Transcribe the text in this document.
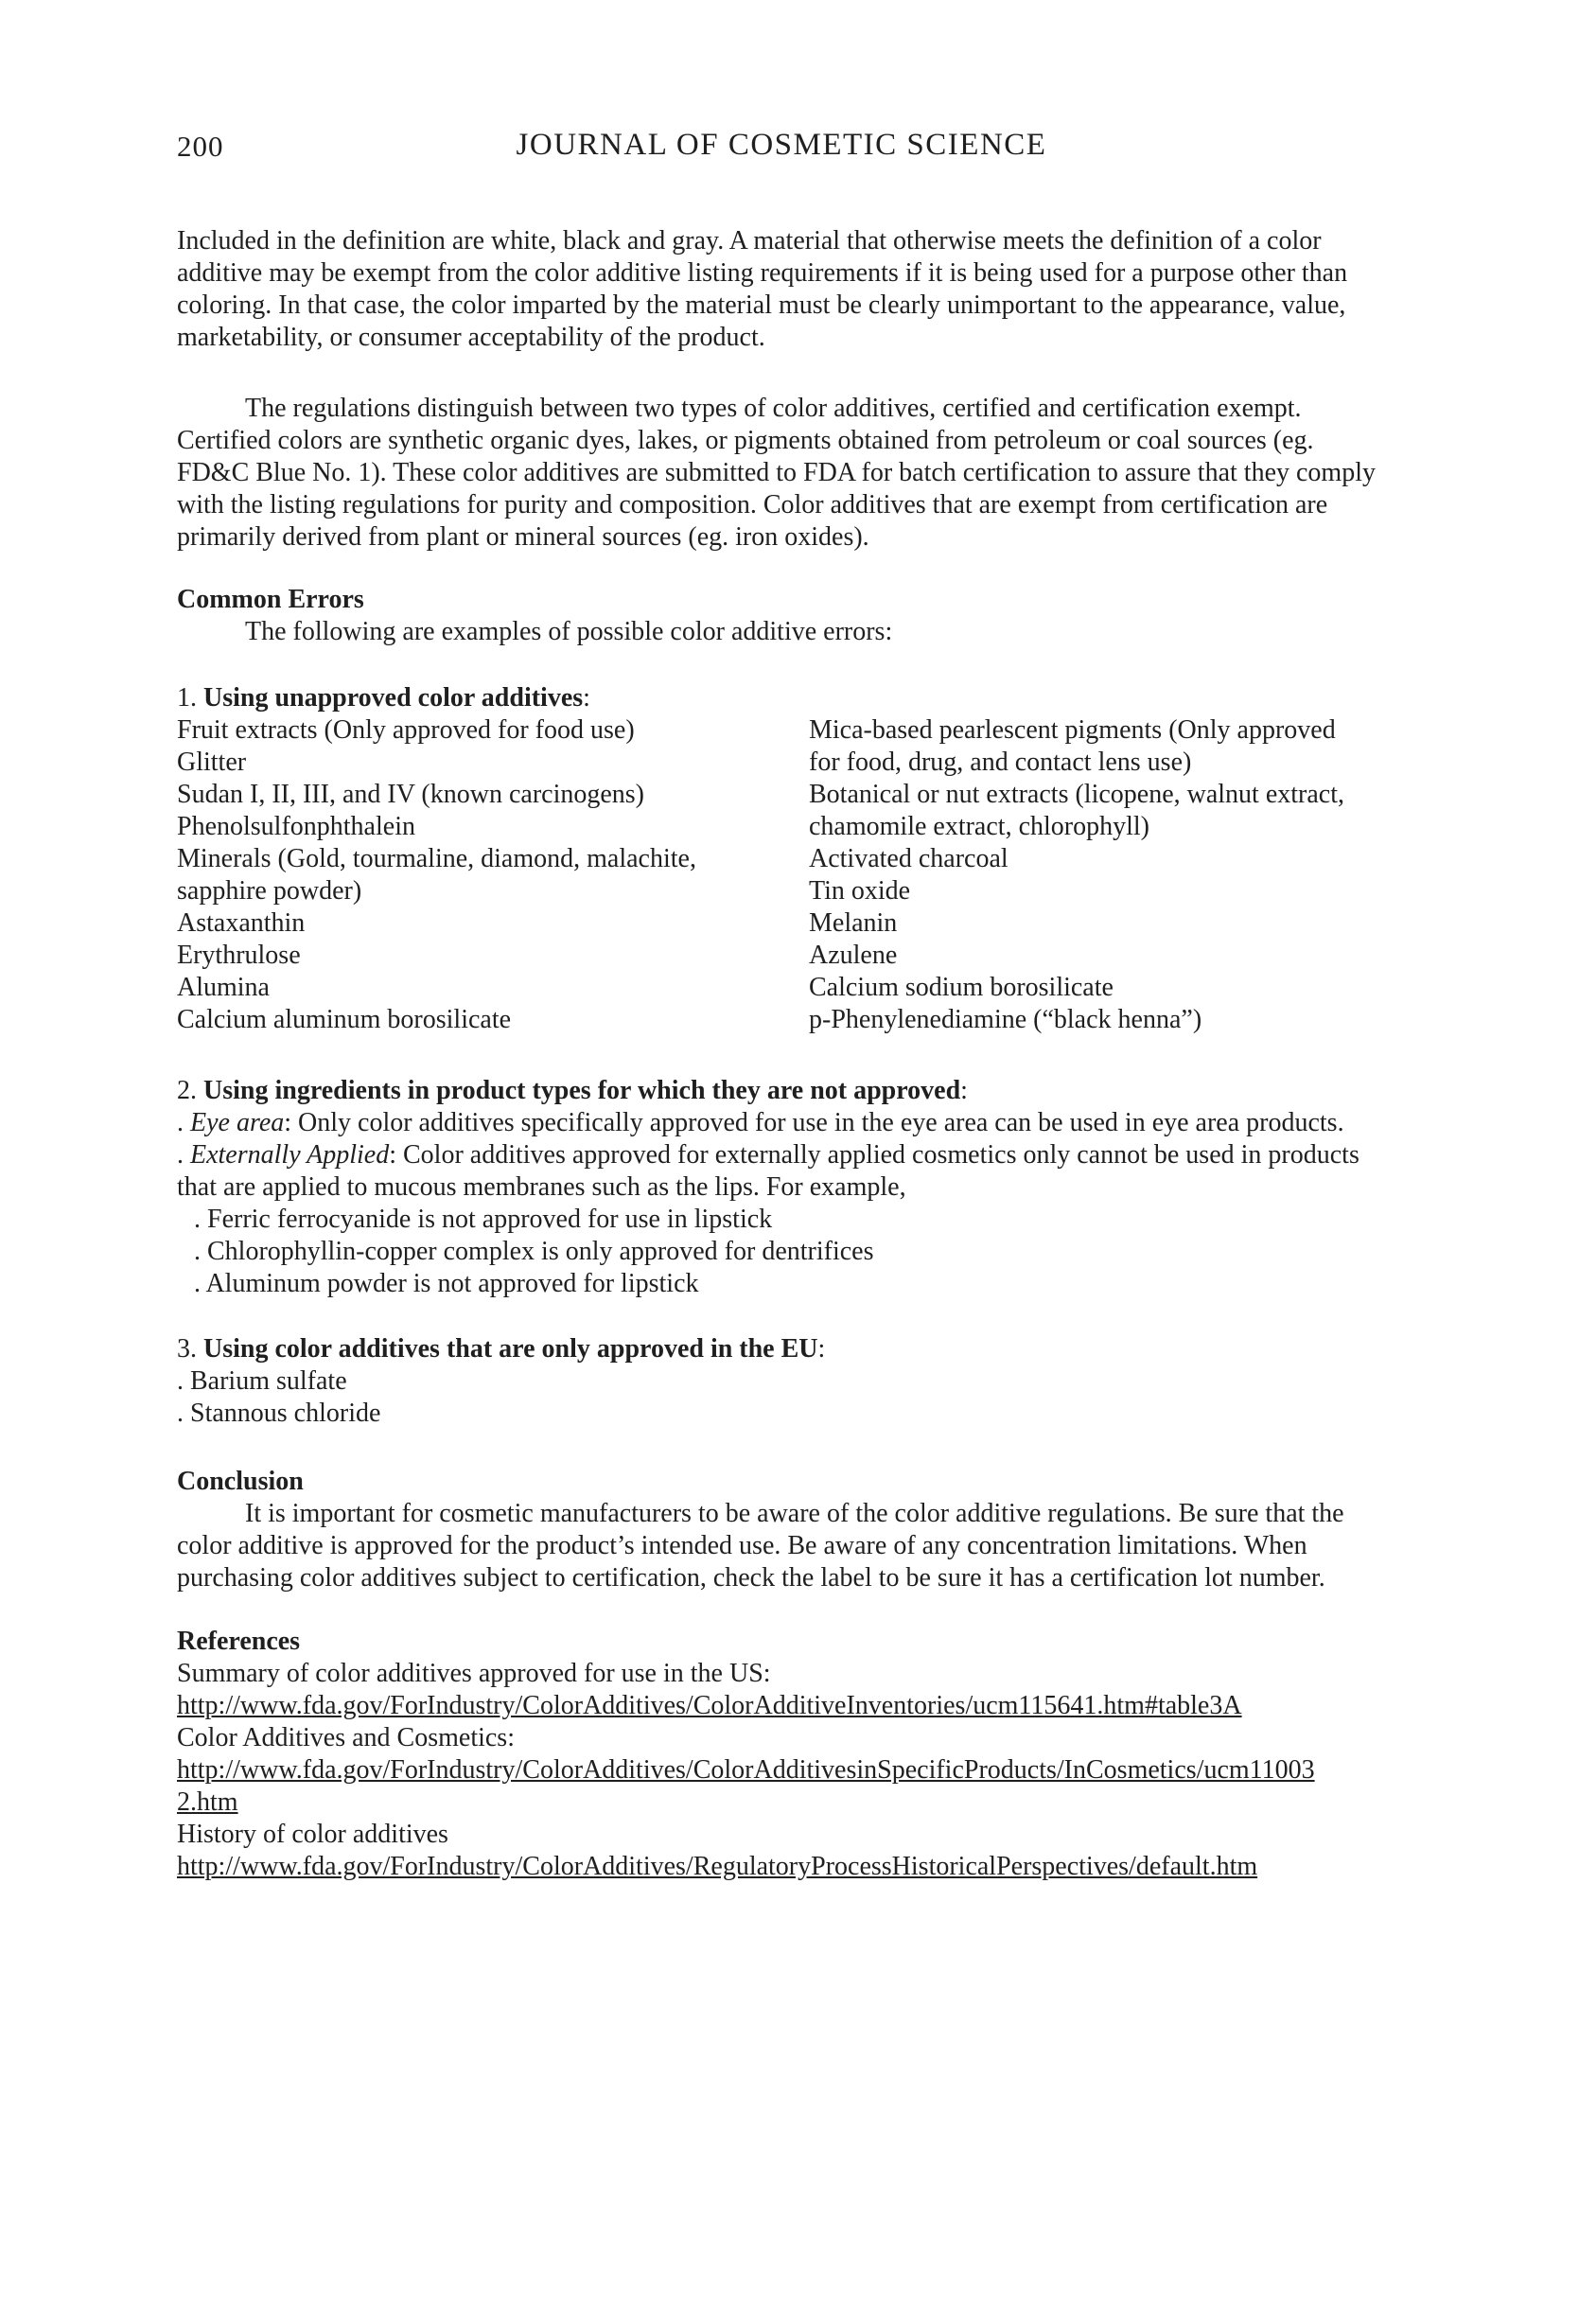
200	JOURNAL OF COSMETIC SCIENCE

Included in the definition are white, black and gray. A material that otherwise meets the definition of a color additive may be exempt from the color additive listing requirements if it is being used for a purpose other than coloring. In that case, the color imparted by the material must be clearly unimportant to the appearance, value, marketability, or consumer acceptability of the product.

The regulations distinguish between two types of color additives, certified and certification exempt. Certified colors are synthetic organic dyes, lakes, or pigments obtained from petroleum or coal sources (eg. FD&C Blue No. 1). These color additives are submitted to FDA for batch certification to assure that they comply with the listing regulations for purity and composition. Color additives that are exempt from certification are primarily derived from plant or mineral sources (eg. iron oxides).

Common Errors

The following are examples of possible color additive errors:

1. Using unapproved color additives:

Fruit extracts (Only approved for food use)
Glitter
Sudan I, II, III, and IV (known carcinogens)
Phenolsulfonphthalein
Minerals (Gold, tourmaline, diamond, malachite,
sapphire powder)
Astaxanthin
Erythrulose
Alumina
Calcium aluminum borosilicate
Mica-based pearlescent pigments (Only approved
for food, drug, and contact lens use)
Botanical or nut extracts (licopene, walnut extract,
chamomile extract, chlorophyll)
Activated charcoal
Tin oxide
Melanin
Azulene
Calcium sodium borosilicate
p-Phenylenediamine (“black henna”)

2. Using ingredients in product types for which they are not approved:

. Eye area: Only color additives specifically approved for use in the eye area can be used in eye area products.

. Externally Applied: Color additives approved for externally applied cosmetics only cannot be used in products that are applied to mucous membranes such as the lips. For example,

. Ferric ferrocyanide is not approved for use in lipstick
. Chlorophyllin-copper complex is only approved for dentrifices
. Aluminum powder is not approved for lipstick

3. Using color additives that are only approved in the EU:

. Barium sulfate
. Stannous chloride

Conclusion

It is important for cosmetic manufacturers to be aware of the color additive regulations. Be sure that the color additive is approved for the product’s intended use. Be aware of any concentration limitations. When purchasing color additives subject to certification, check the label to be sure it has a certification lot number.

References

Summary of color additives approved for use in the US:
http://www.fda.gov/ForIndustry/ColorAdditives/ColorAdditiveInventories/ucm115641.htm#table3A
Color Additives and Cosmetics:
http://www.fda.gov/ForIndustry/ColorAdditives/ColorAdditivesinSpecificProducts/InCosmetics/ucm11003
2.htm
History of color additives
http://www.fda.gov/ForIndustry/ColorAdditives/RegulatoryProcessHistoricalPerspectives/default.htm
